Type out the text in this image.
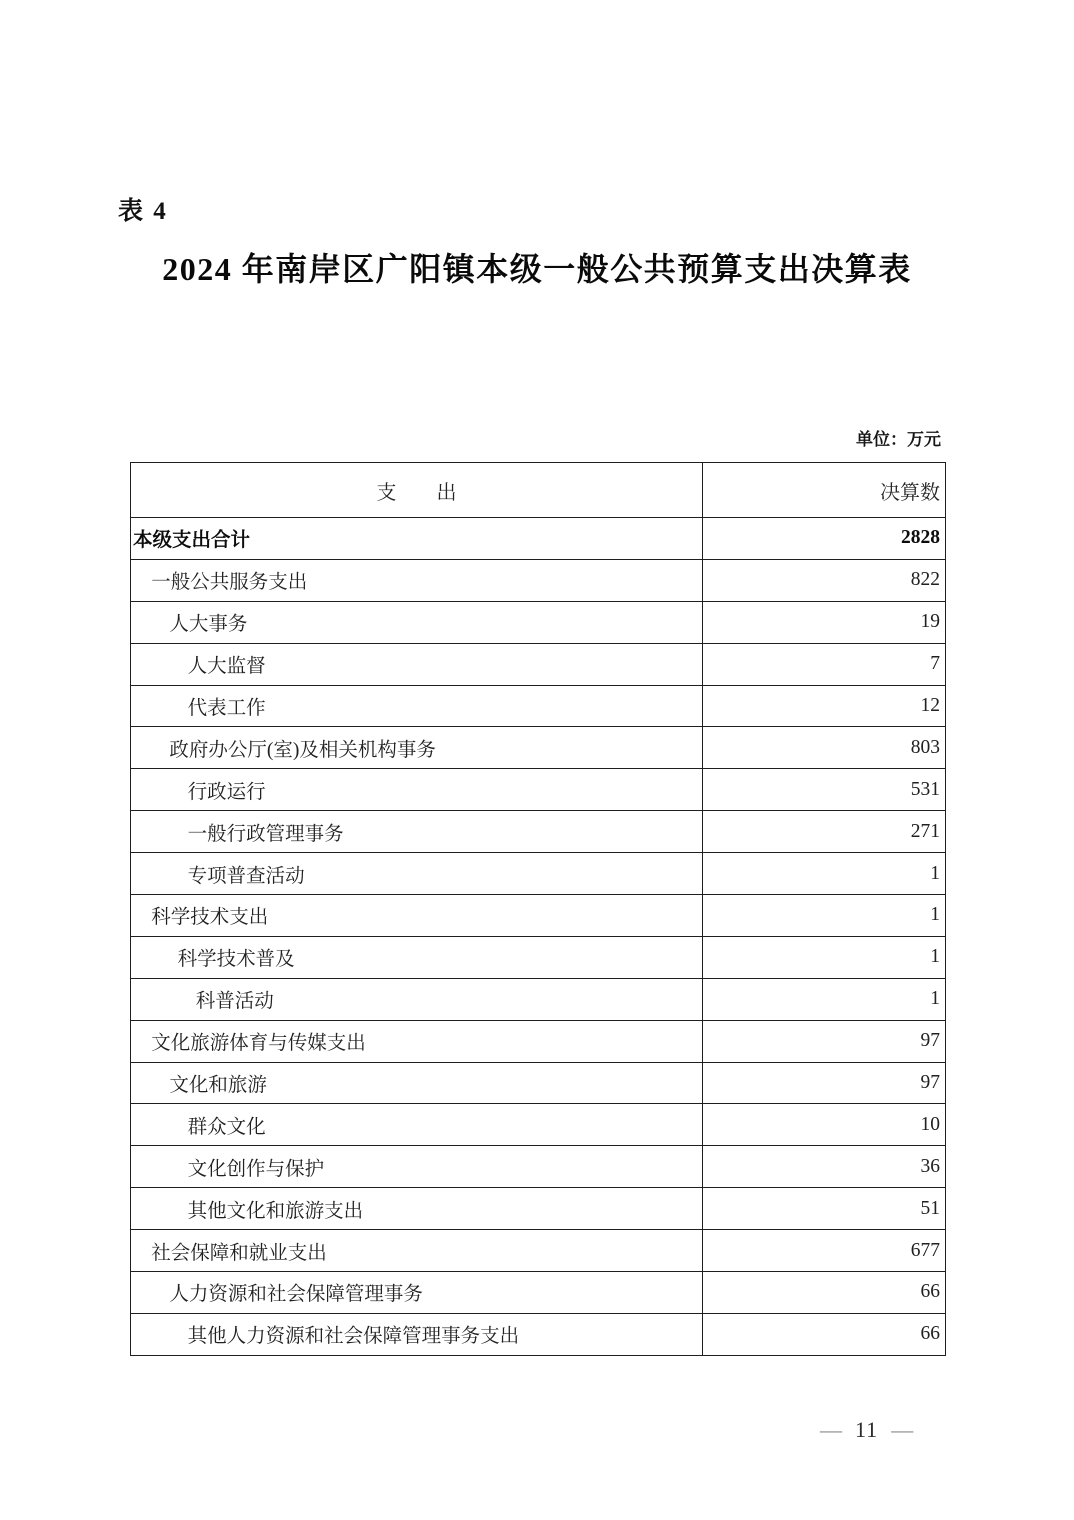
表 4
2024 年南岸区广阳镇本级一般公共预算支出决算表
单位：万元
支        出	决算数
本级支出合计	2828
一般公共服务支出	822
人大事务	19
人大监督	7
代表工作	12
政府办公厅(室)及相关机构事务	803
行政运行	531
一般行政管理事务	271
专项普查活动	1
科学技术支出	1
科学技术普及	1
科普活动	1
文化旅游体育与传媒支出	97
文化和旅游	97
群众文化	10
文化创作与保护	36
其他文化和旅游支出	51
社会保障和就业支出	677
人力资源和社会保障管理事务	66
其他人力资源和社会保障管理事务支出	66
— 11 —
